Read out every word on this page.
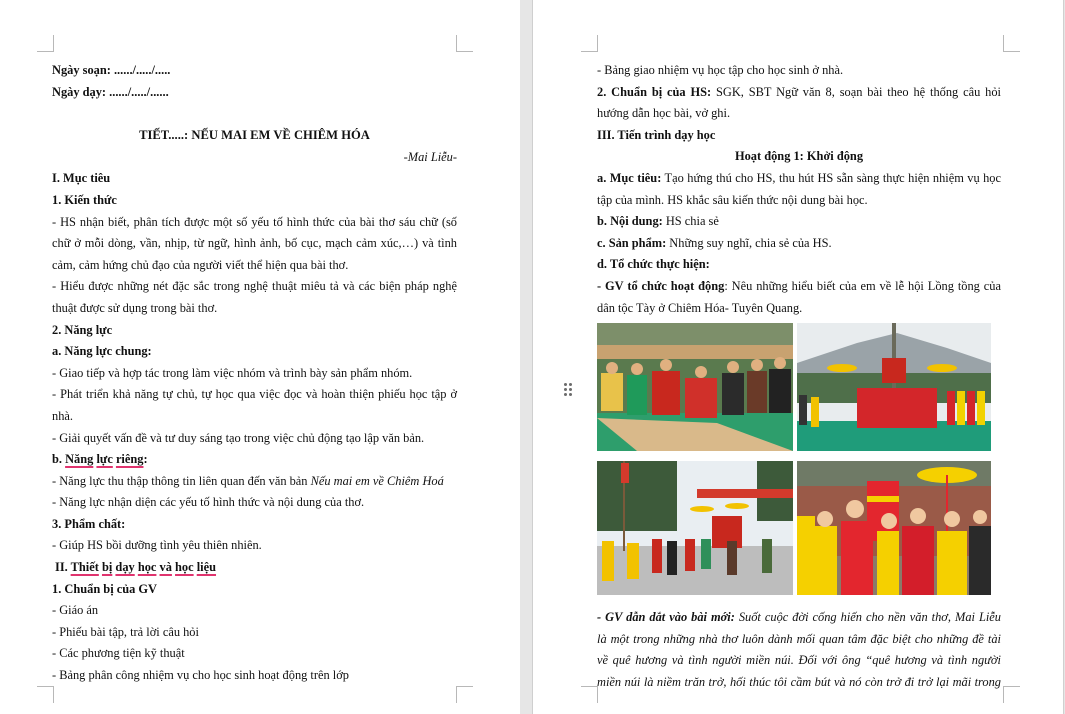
Ngày soạn: ....../...../.....
Ngày dạy: ....../...../......
TIẾT.....: NẾU MAI EM VỀ CHIÊM HÓA
-Mai Liễu-
I. Mục tiêu
1. Kiến thức
- HS nhận biết, phân tích được một số yếu tố hình thức của bài thơ sáu chữ (số
chữ ở mỗi dòng, vần, nhịp, từ ngữ, hình ảnh, bố cục, mạch cảm xúc,…) và tình
cảm, cảm hứng chủ đạo của người viết thể hiện qua bài thơ.
- Hiểu được những nét đặc sắc trong nghệ thuật miêu tả và các biện pháp nghệ
thuật được sử dụng trong bài thơ.
2. Năng lực
a. Năng lực chung:
- Giao tiếp và hợp tác trong làm việc nhóm và trình bày sản phẩm nhóm.
- Phát triển khả năng tự chủ, tự học qua việc đọc và hoàn thiện phiếu học tập ở
nhà.
- Giải quyết vấn đề và tư duy sáng tạo trong việc chủ động tạo lập văn bản.
b. Năng lực riêng:
- Năng lực thu thập thông tin liên quan đến văn bản Nếu mai em về Chiêm Hoá
- Năng lực nhận diện các yếu tố hình thức và nội dung của thơ.
3. Phẩm chất:
- Giúp HS bồi dưỡng tình yêu thiên nhiên.
II. Thiết bị dạy học và học liệu
1. Chuẩn bị của GV
- Giáo án
- Phiếu bài tập, trả lời câu hỏi
- Các phương tiện kỹ thuật
- Bảng phân công nhiệm vụ cho học sinh hoạt động trên lớp
- Bảng giao nhiệm vụ học tập cho học sinh ở nhà.
2. Chuẩn bị của HS: SGK, SBT Ngữ văn 8, soạn bài theo hệ thống câu hỏi
hướng dẫn học bài, vở ghi.
III. Tiến trình dạy học
Hoạt động 1: Khởi động
a. Mục tiêu: Tạo hứng thú cho HS, thu hút HS sẵn sàng thực hiện nhiệm vụ học
tập của mình. HS khắc sâu kiến thức nội dung bài học.
b. Nội dung: HS chia sẻ
c. Sản phẩm: Những suy nghĩ, chia sẻ của HS.
d. Tổ chức thực hiện:
- GV tổ chức hoạt động: Nêu những hiểu biết của em về lễ hội Lồng tồng của
dân tộc Tày ở Chiêm Hóa- Tuyên Quang.
- GV dẫn dắt vào bài mới: Suốt cuộc đời cống hiến cho nền văn thơ, Mai Liễu
là một trong những nhà thơ luôn dành mối quan tâm đặc biệt cho những đề tài
về quê hương và tình người miền núi. Đối với ông “quê hương và tình người
miền núi là niềm trăn trở, hối thúc tôi cầm bút và nó còn trở đi trở lại mãi trong
